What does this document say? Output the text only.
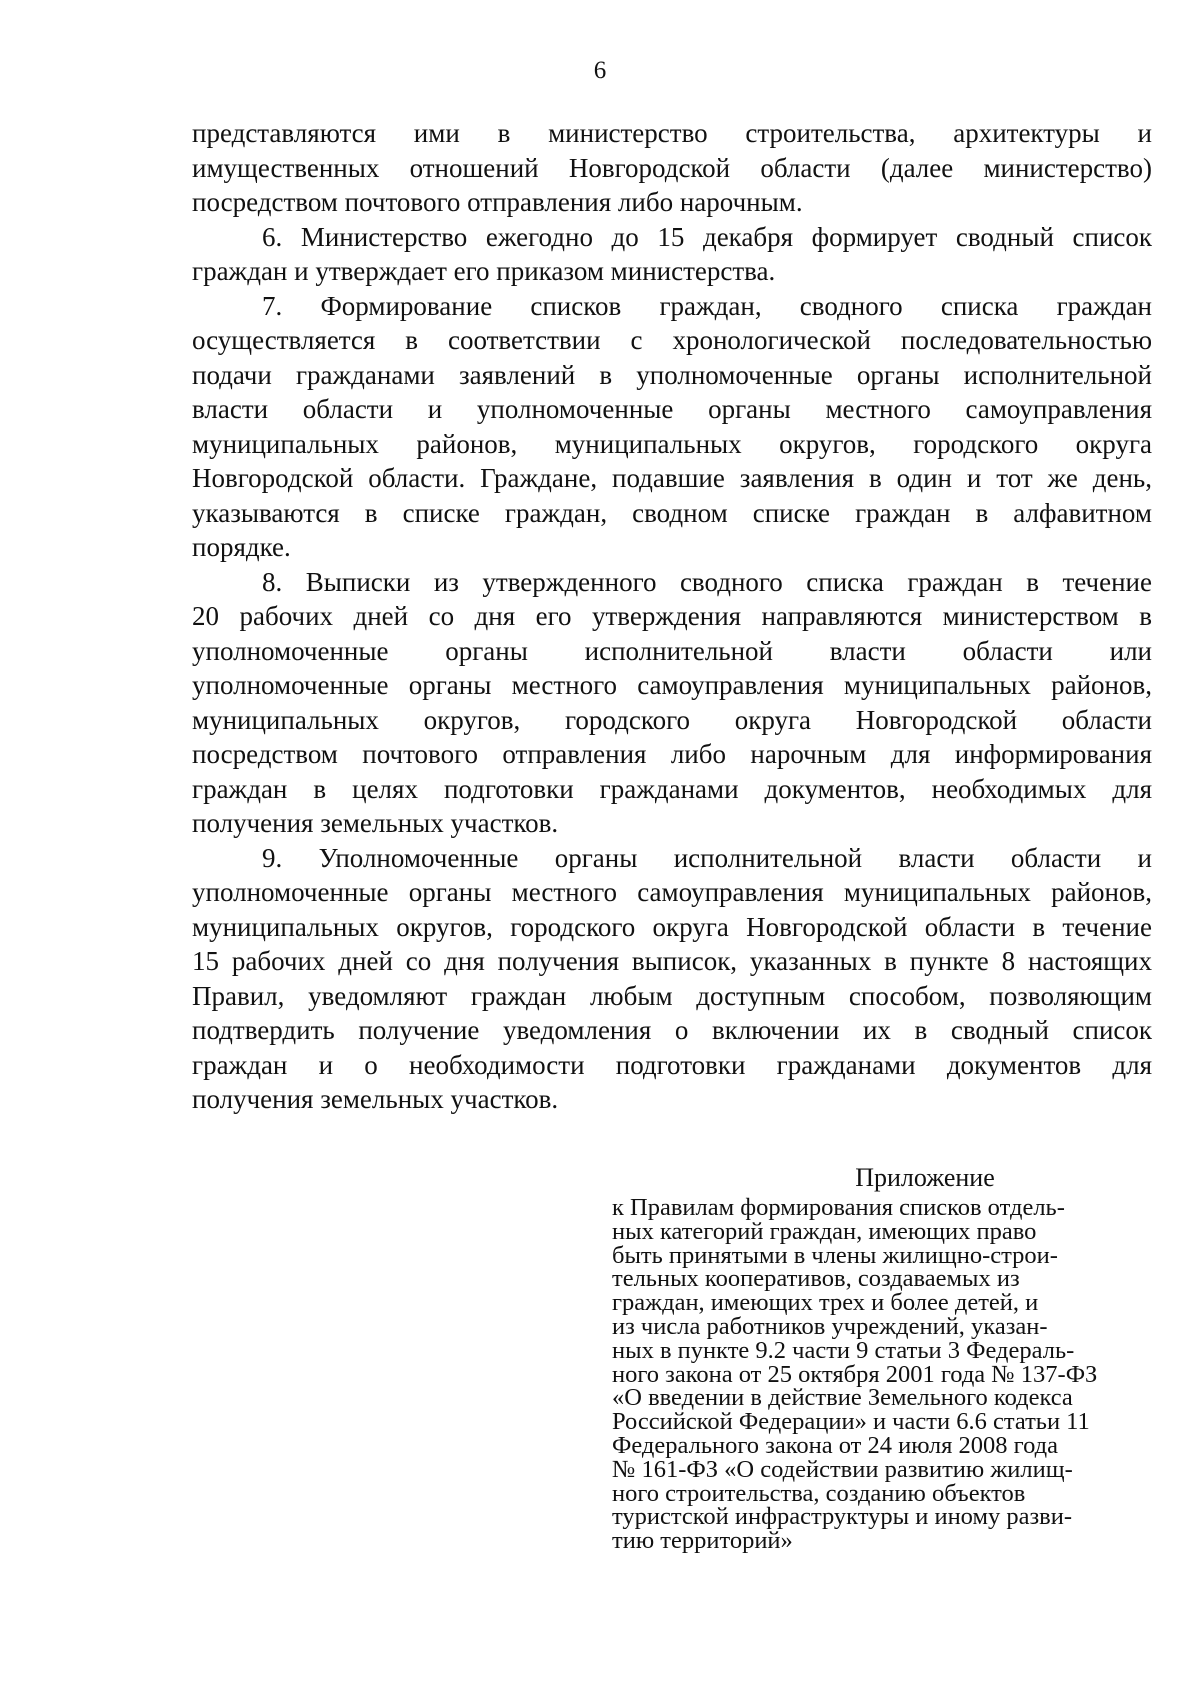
6
представляются ими в министерство строительства, архитектуры и
имущественных отношений Новгородской области (далее министерство)
посредством почтового отправления либо нарочным.
6. Министерство ежегодно до 15 декабря формирует сводный список
граждан и утверждает его приказом министерства.
7. Формирование списков граждан, сводного списка граждан
осуществляется в соответствии с хронологической последовательностью
подачи гражданами заявлений в уполномоченные органы исполнительной
власти области и уполномоченные органы местного самоуправления
муниципальных районов, муниципальных округов, городского округа
Новгородской области. Граждане, подавшие заявления в один и тот же день,
указываются в списке граждан, сводном списке граждан в алфавитном
порядке.
8. Выписки из утвержденного сводного списка граждан в течение
20 рабочих дней со дня его утверждения направляются министерством в
уполномоченные органы исполнительной власти области или
уполномоченные органы местного самоуправления муниципальных районов,
муниципальных округов, городского округа Новгородской области
посредством почтового отправления либо нарочным для информирования
граждан в целях подготовки гражданами документов, необходимых для
получения земельных участков.
9. Уполномоченные органы исполнительной власти области и
уполномоченные органы местного самоуправления муниципальных районов,
муниципальных округов, городского округа Новгородской области в течение
15 рабочих дней со дня получения выписок, указанных в пункте 8 настоящих
Правил, уведомляют граждан любым доступным способом, позволяющим
подтвердить получение уведомления о включении их в сводный список
граждан и о необходимости подготовки гражданами документов для
получения земельных участков.
Приложение
к Правилам формирования списков отдель-
ных категорий граждан, имеющих право
быть принятыми в члены жилищно-строи-
тельных кооперативов, создаваемых из
граждан, имеющих трех и более детей, и
из числа работников учреждений, указан-
ных в пункте 9.2 части 9 статьи 3 Федераль-
ного закона от 25 октября 2001 года № 137-ФЗ
«О введении в действие Земельного кодекса
Российской Федерации» и части 6.6 статьи 11
Федерального закона от 24 июля 2008 года
№ 161-ФЗ «О содействии развитию жилищ-
ного строительства, созданию объектов
туристской инфраструктуры и иному разви-
тию территорий»
